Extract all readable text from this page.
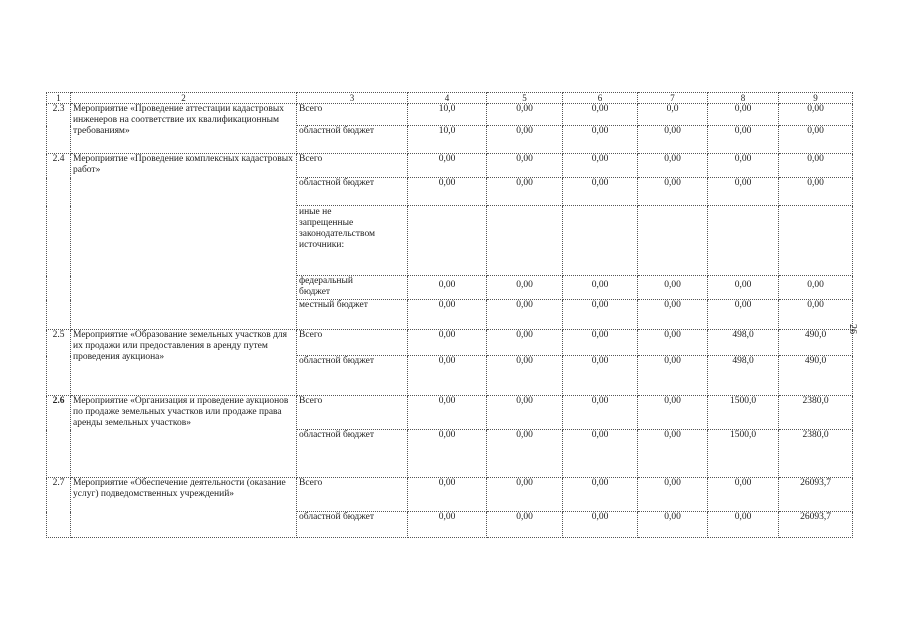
1	2	3	4	5	6	7	8	9
2.3	Мероприятие «Проведение аттестации кадастровых инженеров на соответствие их квалификационным требованиям»	Всего	10,0	0,00	0,00	0,0	0,00	0,00
		областной бюджет	10,0	0,00	0,00	0,00	0,00	0,00
2.4	Мероприятие «Проведение комплексных кадастровых работ»	Всего	0,00	0,00	0,00	0,00	0,00	0,00
		областной бюджет	0,00	0,00	0,00	0,00	0,00	0,00
		иные не запрещенные законодательством источники:						
		федеральный бюджет	0,00	0,00	0,00	0,00	0,00	0,00
		местный бюджет	0,00	0,00	0,00	0,00	0,00	0,00
2.5	Мероприятие «Образование земельных участков для их продажи или предоставления в аренду путем проведения аукциона»	Всего	0,00	0,00	0,00	0,00	498,0	490,0
		областной бюджет	0,00	0,00	0,00	0,00	498,0	490,0
2.6	Мероприятие «Организация и проведение аукционов по продаже земельных участков или продаже права аренды земельных участков»	Всего	0,00	0,00	0,00	0,00	1500,0	2380,0
		областной бюджет	0,00	0,00	0,00	0,00	1500,0	2380,0
2.7	Мероприятие «Обеспечение деятельности (оказание услуг) подведомственных учреждений»	Всего	0,00	0,00	0,00	0,00	0,00	26093,7
		областной бюджет	0,00	0,00	0,00	0,00	0,00	26093,7
26
